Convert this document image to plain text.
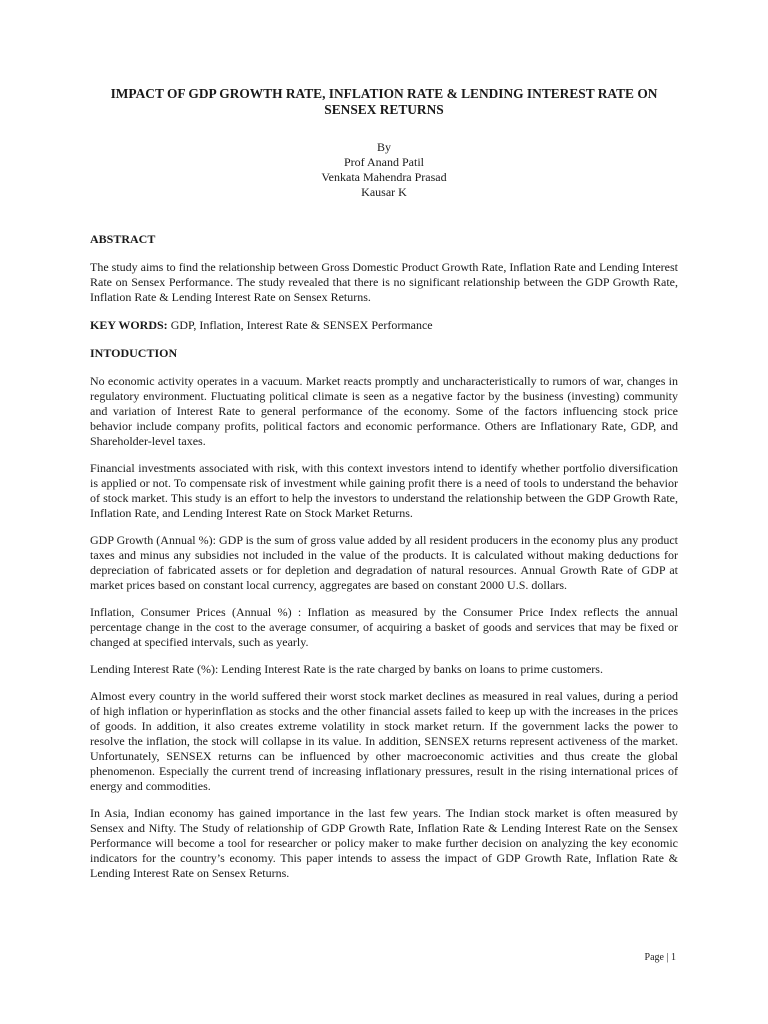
IMPACT OF GDP GROWTH RATE, INFLATION RATE & LENDING INTEREST RATE ON SENSEX RETURNS
By
Prof Anand Patil
Venkata Mahendra Prasad
Kausar K
ABSTRACT

The study aims to find the relationship between Gross Domestic Product Growth Rate, Inflation Rate and Lending Interest Rate on Sensex Performance. The study revealed that there is no significant relationship between the GDP Growth Rate, Inflation Rate & Lending Interest Rate on Sensex Returns.

KEY WORDS: GDP, Inflation, Interest Rate & SENSEX Performance

INTODUCTION

No economic activity operates in a vacuum. Market reacts promptly and uncharacteristically to rumors of war, changes in regulatory environment. Fluctuating political climate is seen as a negative factor by the business (investing) community and variation of Interest Rate to general performance of the economy. Some of the factors influencing stock price behavior include company profits, political factors and economic performance. Others are Inflationary Rate, GDP, and Shareholder-level taxes.

Financial investments associated with risk, with this context investors intend to identify whether portfolio diversification is applied or not. To compensate risk of investment while gaining profit there is a need of tools to understand the behavior of stock market. This study is an effort to help the investors to understand the relationship between the GDP Growth Rate, Inflation Rate, and Lending Interest Rate on Stock Market Returns.

GDP Growth (Annual %): GDP is the sum of gross value added by all resident producers in the economy plus any product taxes and minus any subsidies not included in the value of the products. It is calculated without making deductions for depreciation of fabricated assets or for depletion and degradation of natural resources. Annual Growth Rate of GDP at market prices based on constant local currency, aggregates are based on constant 2000 U.S. dollars.

Inflation, Consumer Prices (Annual %) : Inflation as measured by the Consumer Price Index reflects the annual percentage change in the cost to the average consumer, of acquiring a basket of goods and services that may be fixed or changed at specified intervals, such as yearly.

Lending Interest Rate (%): Lending Interest Rate is the rate charged by banks on loans to prime customers.

Almost every country in the world suffered their worst stock market declines as measured in real values, during a period of high inflation or hyperinflation as stocks and the other financial assets failed to keep up with the increases in the prices of goods. In addition, it also creates extreme volatility in stock market return. If the government lacks the power to resolve the inflation, the stock will collapse in its value. In addition, SENSEX returns represent activeness of the market. Unfortunately, SENSEX returns can be influenced by other macroeconomic activities and thus create the global phenomenon. Especially the current trend of increasing inflationary pressures, result in the rising international prices of energy and commodities.

In Asia, Indian economy has gained importance in the last few years. The Indian stock market is often measured by Sensex and Nifty. The Study of relationship of GDP Growth Rate, Inflation Rate & Lending Interest Rate on the Sensex Performance will become a tool for researcher or policy maker to make further decision on analyzing the key economic indicators for the country’s economy. This paper intends to assess the impact of GDP Growth Rate, Inflation Rate & Lending Interest Rate on Sensex Returns.

Page | 1
